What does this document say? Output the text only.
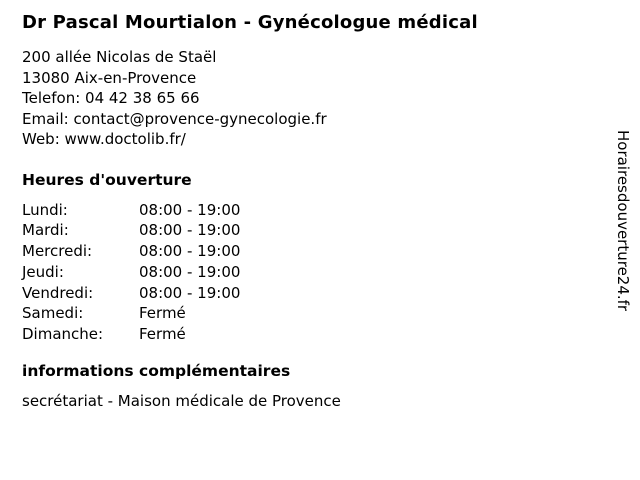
Dr Pascal Mourtialon - Gynécologue médical

200 allée Nicolas de Staël

13080 Aix-en-Provence

Telefon: 04 42 38 65 66

Email: contact@provence-gynecologie.fr

Web: www.doctolib.fr/

Heures d'ouverture
Lundi:	08:00 - 19:00
Mardi:	08:00 - 19:00
Mercredi:	08:00 - 19:00
Jeudi:	08:00 - 19:00
Vendredi:	08:00 - 19:00
Samedi:	Fermé
Dimanche:	Fermé
informations complémentaires

secrétariat - Maison médicale de Provence

Horairesdouverture24.fr
